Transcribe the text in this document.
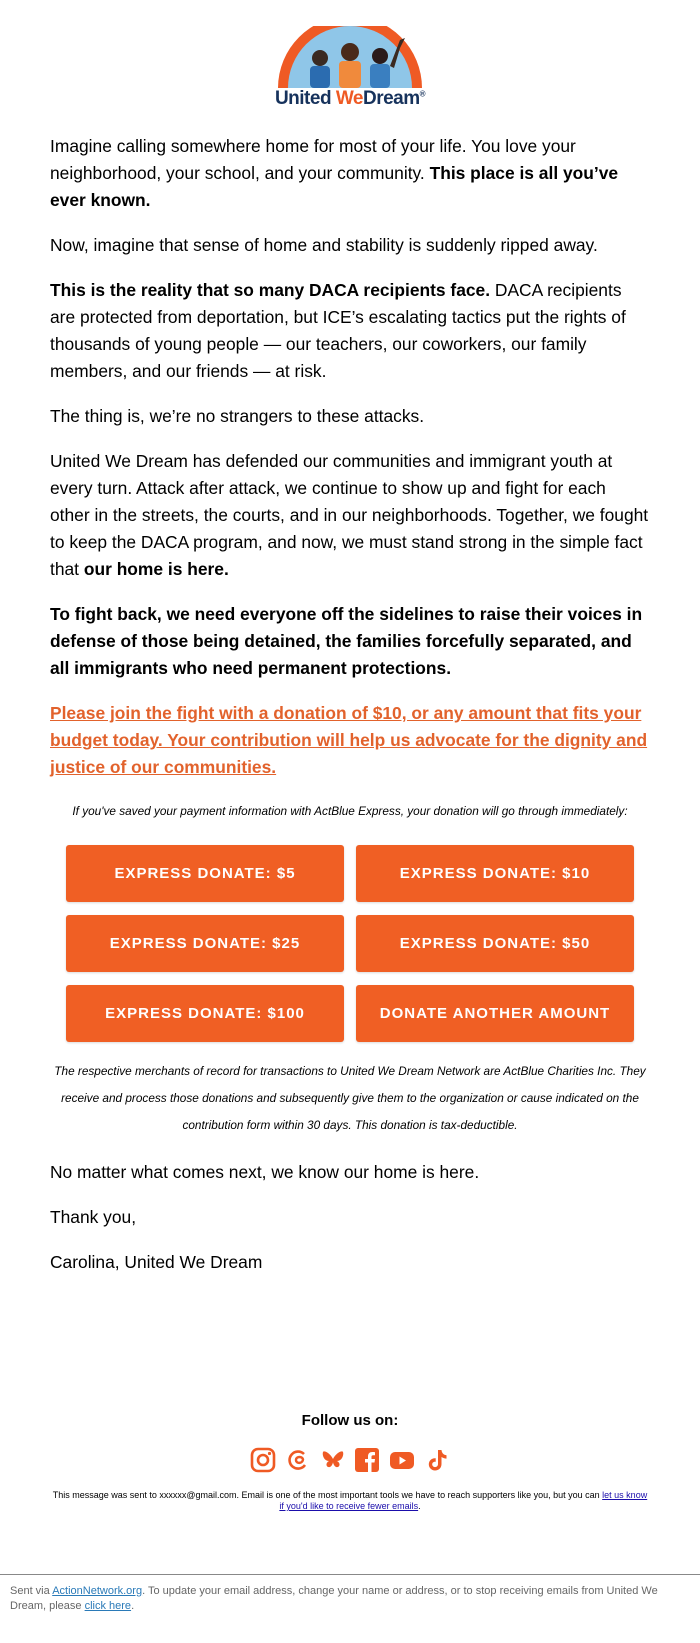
United WeDream®

Imagine calling somewhere home for most of your life. You love your neighborhood, your school, and your community. This place is all you’ve ever known.

Now, imagine that sense of home and stability is suddenly ripped away.

This is the reality that so many DACA recipients face. DACA recipients are protected from deportation, but ICE’s escalating tactics put the rights of thousands of young people — our teachers, our coworkers, our family members, and our friends — at risk.

The thing is, we’re no strangers to these attacks.

United We Dream has defended our communities and immigrant youth at every turn. Attack after attack, we continue to show up and fight for each other in the streets, the courts, and in our neighborhoods. Together, we fought to keep the DACA program, and now, we must stand strong in the simple fact that our home is here.

To fight back, we need everyone off the sidelines to raise their voices in defense of those being detained, the families forcefully separated, and all immigrants who need permanent protections.

Please join the fight with a donation of $10, or any amount that fits your budget today. Your contribution will help us advocate for the dignity and justice of our communities.

If you've saved your payment information with ActBlue Express, your donation will go through immediately:
EXPRESS DONATE: $5	EXPRESS DONATE: $10
EXPRESS DONATE: $25	EXPRESS DONATE: $50
EXPRESS DONATE: $100	DONATE ANOTHER AMOUNT
The respective merchants of record for transactions to United We Dream Network are ActBlue Charities Inc. They receive and process those donations and subsequently give them to the organization or cause indicated on the contribution form within 30 days. This donation is tax-deductible.

No matter what comes next, we know our home is here.

Thank you,

Carolina, United We Dream

Follow us on:
This message was sent to xxxxxx@gmail.com. Email is one of the most important tools we have to reach supporters like you, but you can let us know if you'd like to receive fewer emails.
Sent via ActionNetwork.org. To update your email address, change your name or address, or to stop receiving emails from United We Dream, please click here.
